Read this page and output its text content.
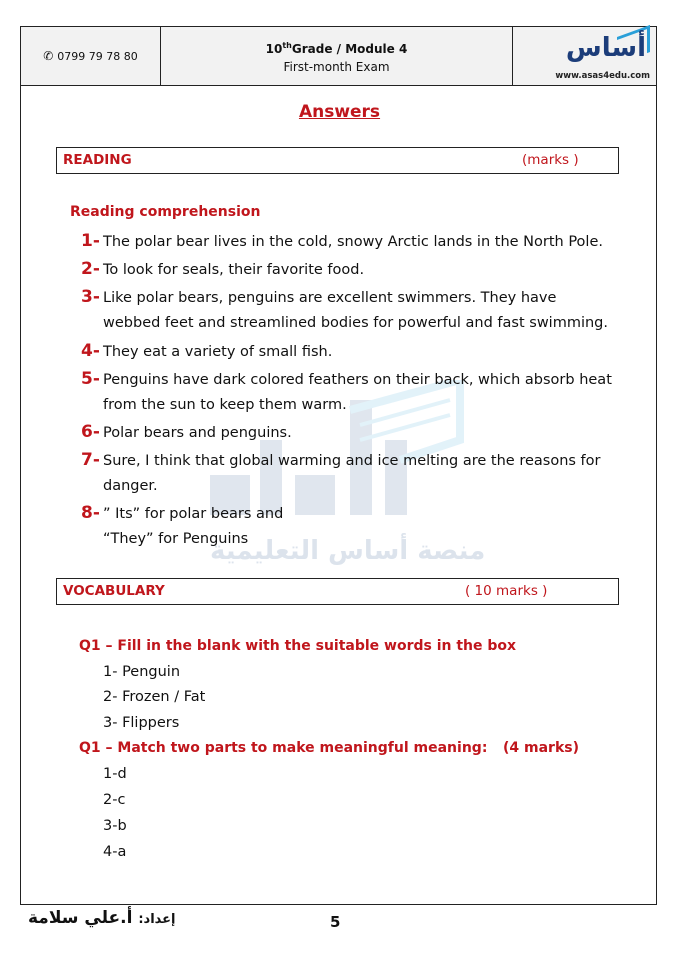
✆ 0799 79 78 80
10thGrade / Module 4
First-month Exam
أساس
www.asas4edu.com
Answers
منصة أساس التعليمية
READING	(marks )
Reading comprehension
1- The polar bear lives in the cold, snowy Arctic lands in the North Pole.
2- To look for seals, their favorite food.
3- Like polar bears, penguins are excellent swimmers. They have
webbed feet and streamlined bodies for powerful and fast swimming.
4- They eat a variety of small fish.
5- Penguins have dark colored feathers on their back, which absorb heat
from the sun to keep them warm.
6- Polar bears and penguins.
7- Sure, I think that global warming and ice melting are the reasons for
danger.
8- ” Its” for polar bears and
“They” for Penguins
VOCABULARY	( 10 marks )
Q1 – Fill in the blank with the suitable words in the box
1- Penguin
2- Frozen / Fat
3- Flippers
Q1 – Match two parts to make meaningful meaning: (4 marks)
1-d
2-c
3-b
4-a
إعداد: أ.علي سلامة	5
